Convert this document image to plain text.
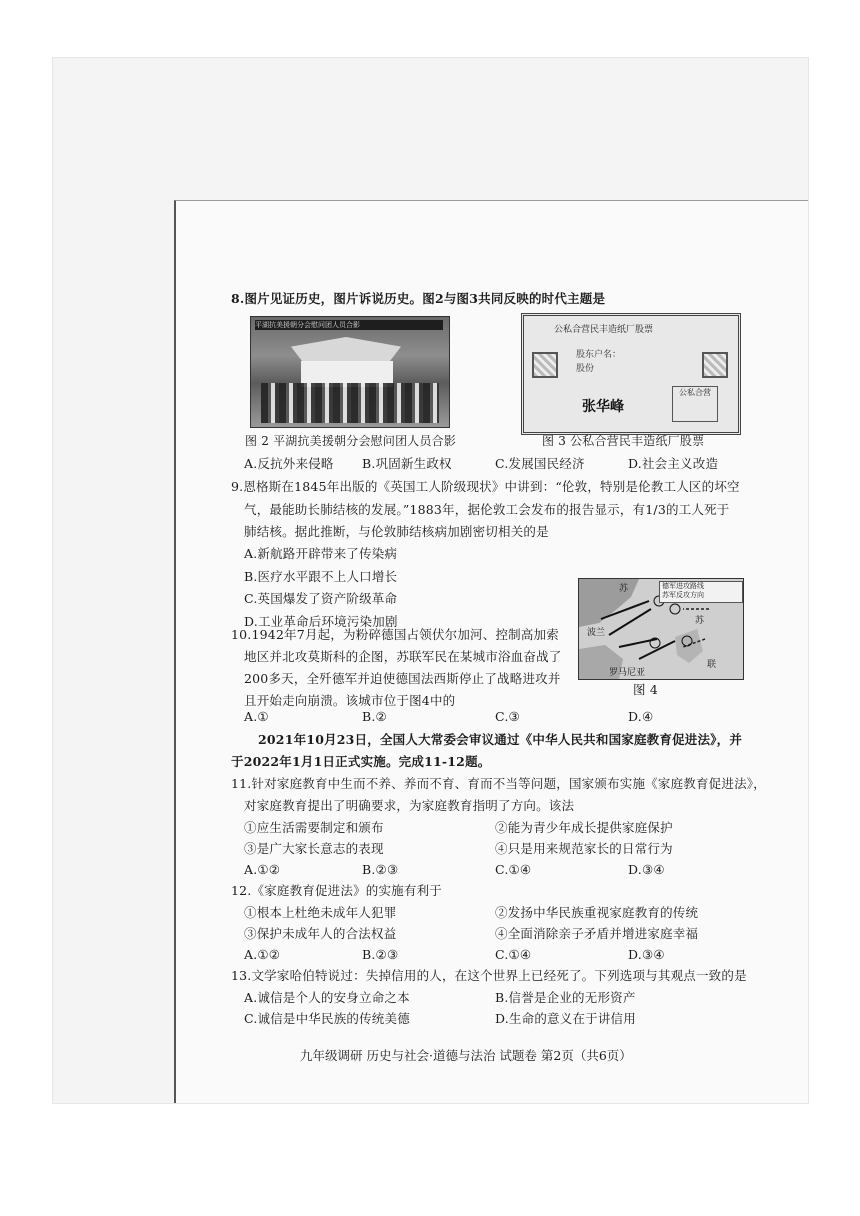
8.图片见证历史，图片诉说历史。图2与图3共同反映的时代主题是
平湖抗美援朝分会慰问团人员合影	公私合营民丰造纸厂股票
股东户名：
股份
张华峰
公私合营
图 2 平湖抗美援朝分会慰问团人员合影	图 3 公私合营民丰造纸厂股票
A.反抗外来侵略 B.巩固新生政权	C.发展国民经济	D.社会主义改造
9.恩格斯在1845年出版的《英国工人阶级现状》中讲到：“伦敦，特别是伦教工人区的坏空
气，最能助长肺结核的发展。”1883年，据伦敦工会发布的报告显示，有1/3的工人死于
肺结核。据此推断，与伦敦肺结核病加剧密切相关的是
A.新航路开辟带来了传染病
B.医疗水平跟不上人口增长
C.英国爆发了资产阶级革命
D.工业革命后环境污染加剧
德军进攻路线
苏军反攻方向
苏
苏
联
波兰
罗马尼亚
图 4
10.1942年7月起，为粉碎德国占领伏尔加河、控制高加索
地区并北攻莫斯科的企图，苏联军民在某城市浴血奋战了
200多天，全歼德军并迫使德国法西斯停止了战略进攻并
且开始走向崩溃。该城市位于图4中的
A.①	B.②	C.③	D.④
2021年10月23日，全国人大常委会审议通过《中华人民共和国家庭教育促进法》，并
于2022年1月1日正式实施。完成11-12题。
11.针对家庭教育中生而不养、养而不育、育而不当等问题，国家颁布实施《家庭教育促进法》，
对家庭教育提出了明确要求，为家庭教育指明了方向。该法
①应生活需要制定和颁布	②能为青少年成长提供家庭保护
③是广大家长意志的表现	④只是用来规范家长的日常行为
A.①②	B.②③	C.①④	D.③④
12.《家庭教育促进法》的实施有利于
①根本上杜绝未成年人犯罪	②发扬中华民族重视家庭教育的传统
③保护未成年人的合法权益	④全面消除亲子矛盾并增进家庭幸福
A.①②	B.②③	C.①④	D.③④
13.文学家哈伯特说过：失掉信用的人，在这个世界上已经死了。下列选项与其观点一致的是
A.诚信是个人的安身立命之本	B.信誉是企业的无形资产
C.诚信是中华民族的传统美德	D.生命的意义在于讲信用
九年级调研 历史与社会·道德与法治 试题卷 第2页（共6页）
